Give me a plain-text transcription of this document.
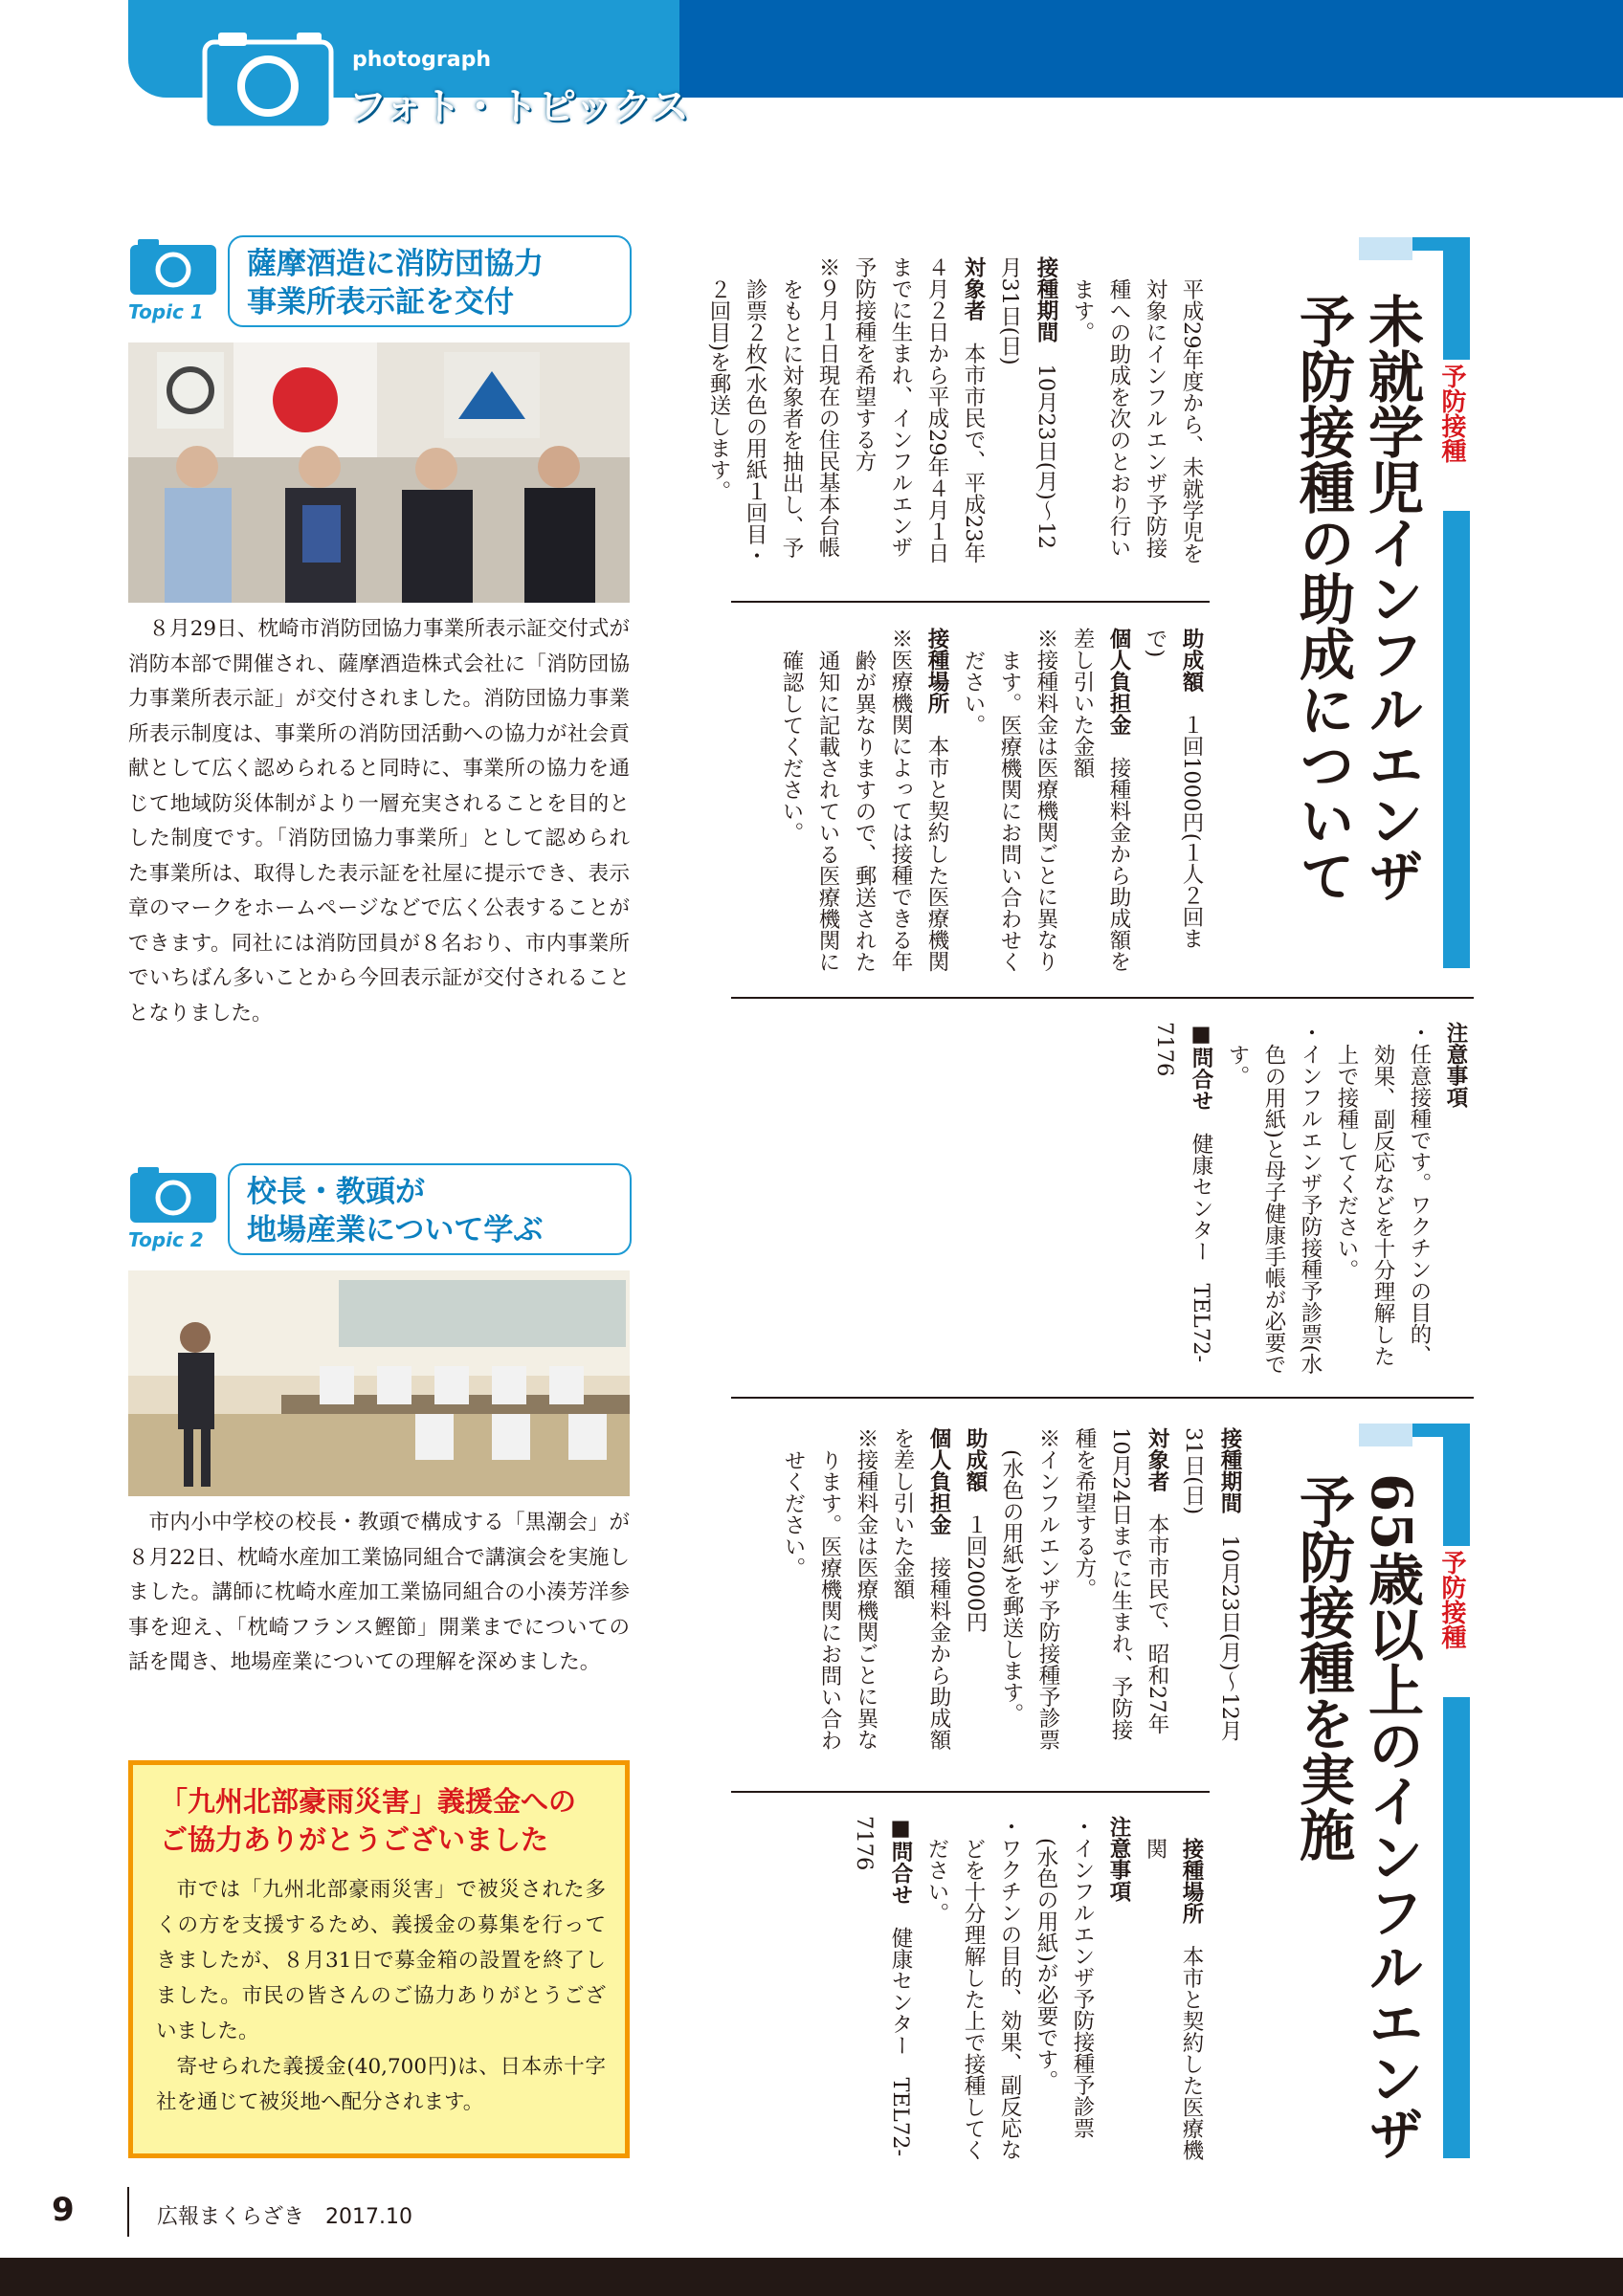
photograph
フォト・トピックス
Topic 1
薩摩酒造に消防団協力
事業所表示証を交付

８月29日、枕崎市消防団協力事業所表示証交付式が消防本部で開催され、薩摩酒造株式会社に「消防団協力事業所表示証」が交付されました。消防団協力事業所表示制度は、事業所の消防団活動への協力が社会貢献として広く認められると同時に、事業所の協力を通じて地域防災体制がより一層充実されることを目的とした制度です。「消防団協力事業所」として認められた事業所は、取得した表示証を社屋に提示でき、表示章のマークをホームページなどで広く公表することができます。同社には消防団員が８名おり、市内事業所でいちばん多いことから今回表示証が交付されることとなりました。

Topic 2
校長・教頭が
地場産業について学ぶ

市内小中学校の校長・教頭で構成する「黒潮会」が８月22日、枕崎水産加工業協同組合で講演会を実施しました。講師に枕崎水産加工業協同組合の小湊芳洋参事を迎え、「枕崎フランス鰹節」開業までについての話を聞き、地場産業についての理解を深めました。

「九州北部豪雨災害」義援金への
ご協力ありがとうございました

市では「九州北部豪雨災害」で被災された多くの方を支援するため、義援金の募集を行ってきましたが、８月31日で募金箱の設置を終了しました。市民の皆さんのご協力ありがとうございました。

寄せられた義援金(40,700円)は、日本赤十字社を通じて被災地へ配分されます。

予防接種
未就学児インフルエンザ
予防接種の助成について

平成29年度から、未就学児を対象にインフルエンザ予防接種への助成を次のとおり行います。

接種期間　10月23日(月)～12月31日(日)

対象者　本市市民で、平成23年４月２日から平成29年４月１日までに生まれ、インフルエンザ予防接種を希望する方

※９月１日現在の住民基本台帳をもとに対象者を抽出し、予診票２枚(水色の用紙１回目・２回目)を郵送します。

助成額　１回1000円(１人２回まで)

個人負担金　接種料金から助成額を差し引いた金額

※接種料金は医療機関ごとに異なります。医療機関にお問い合わせください。

接種場所　本市と契約した医療機関

※医療機関によっては接種できる年齢が異なりますので、郵送された通知に記載されている医療機関に確認してください。

注意事項

・任意接種です。ワクチンの目的、効果、副反応などを十分理解した上で接種してください。

・インフルエンザ予防接種予診票(水色の用紙)と母子健康手帳が必要です。

■問合せ　健康センター　TEL72-7176

予防接種
65歳以上のインフルエンザ
予防接種を実施

接種期間　10月23日(月)～12月31日(日)

対象者　本市市民で、昭和27年10月24日までに生まれ、予防接種を希望する方。

※インフルエンザ予防接種予診票(水色の用紙)を郵送します。

助成額　１回2000円

個人負担金　接種料金から助成額を差し引いた金額

※接種料金は医療機関ごとに異なります。医療機関にお問い合わせください。

接種場所　本市と契約した医療機関

注意事項

・インフルエンザ予防接種予診票(水色の用紙)が必要です。

・ワクチンの目的、効果、副反応などを十分理解した上で接種してください。

■問合せ　健康センター　TEL72-7176

9	広報まくらざき　2017.10
